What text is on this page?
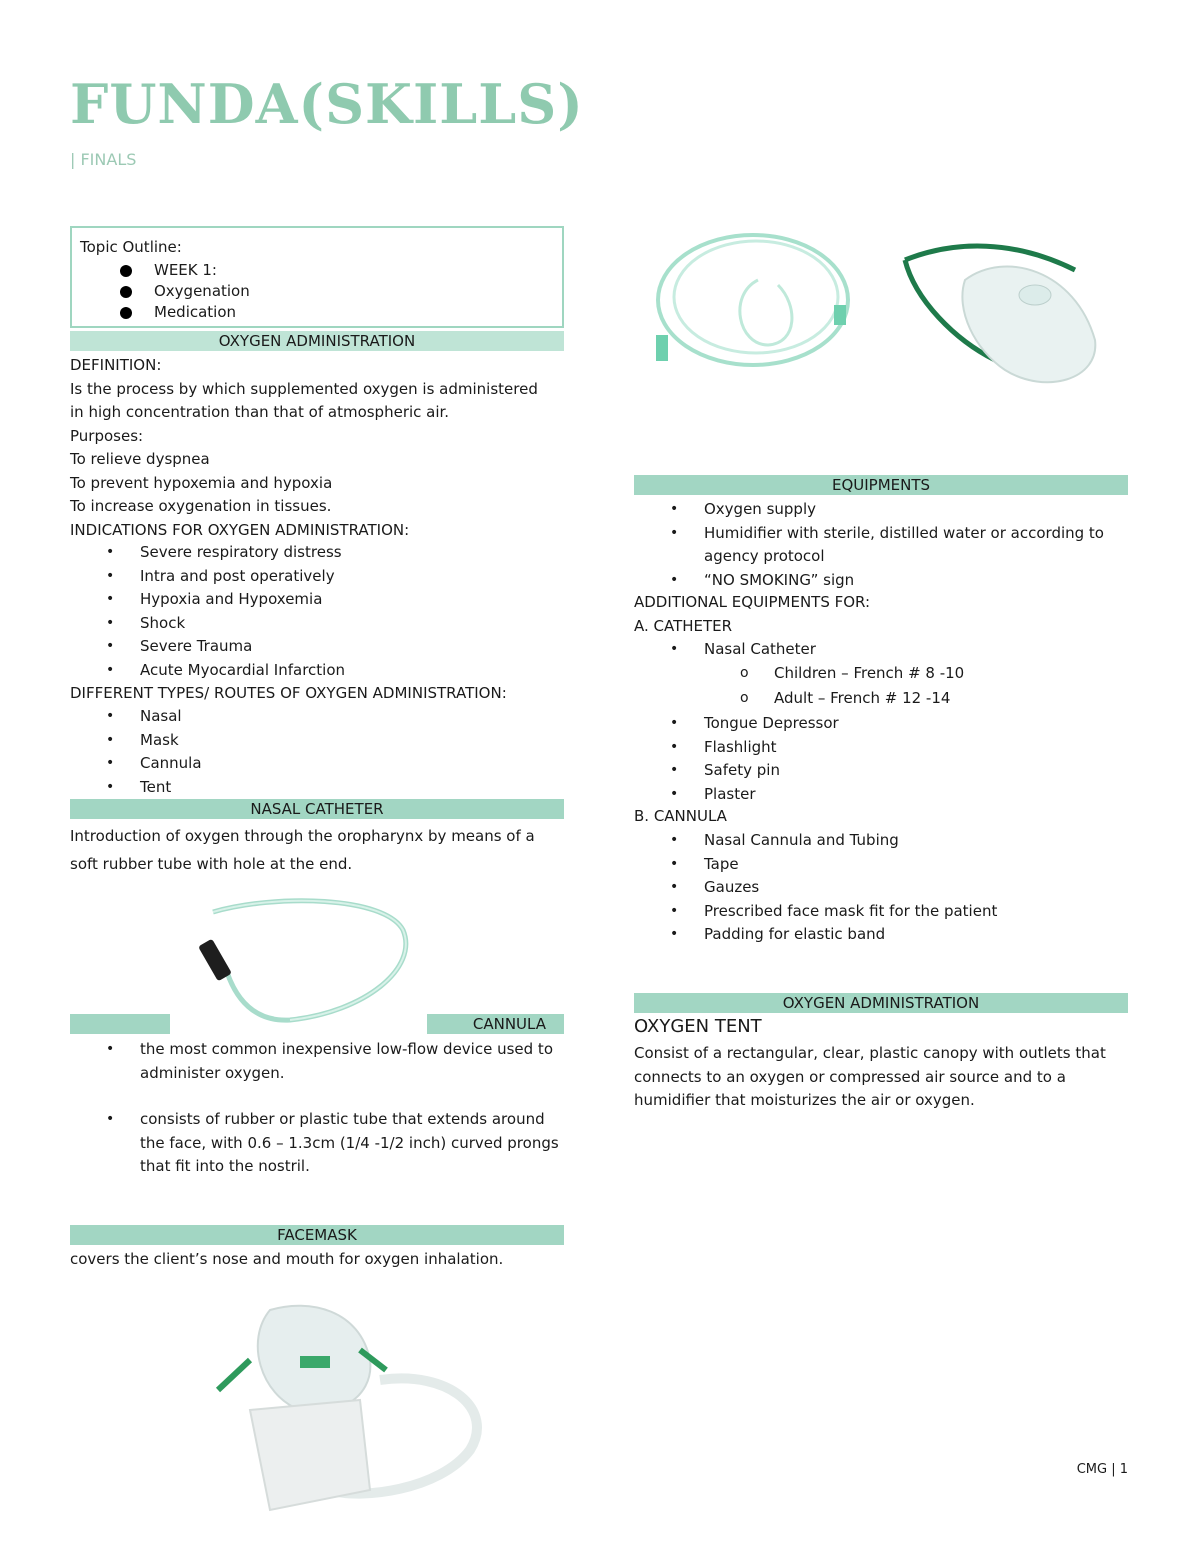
FUNDA(SKILLS)
| FINALS
Topic Outline:
WEEK 1:
Oxygenation
Medication
OXYGEN ADMINISTRATION
DEFINITION:
Is the process by which supplemented oxygen is administered
in high concentration than that of atmospheric air.
Purposes:
To relieve dyspnea
To prevent hypoxemia and hypoxia
To increase oxygenation in tissues.
INDICATIONS FOR OXYGEN ADMINISTRATION:
• Severe respiratory distress
• Intra and post operatively
• Hypoxia and Hypoxemia
• Shock
• Severe Trauma
• Acute Myocardial Infarction
DIFFERENT TYPES/ ROUTES OF OXYGEN ADMINISTRATION:
• Nasal
• Mask
• Cannula
• Tent
NASAL CATHETER
Introduction of oxygen through the oropharynx by means of a
soft rubber tube with hole at the end.
CANNULA
• the most common inexpensive low-flow device used to administer oxygen.
• consists of rubber or plastic tube that extends around the face, with 0.6 – 1.3cm (1/4 -1/2 inch) curved prongs that fit into the nostril.
FACEMASK
covers the client’s nose and mouth for oxygen inhalation.
EQUIPMENTS
• Oxygen supply
• Humidifier with sterile, distilled water or according to agency protocol
• “NO SMOKING” sign
ADDITIONAL EQUIPMENTS FOR:
A. CATHETER
• Nasal Catheter
o Children – French # 8 -10
o Adult – French # 12 -14
• Tongue Depressor
• Flashlight
• Safety pin
• Plaster
B. CANNULA
• Nasal Cannula and Tubing
• Tape
• Gauzes
• Prescribed face mask fit for the patient
• Padding for elastic band
OXYGEN ADMINISTRATION
OXYGEN TENT
Consist of a rectangular, clear, plastic canopy with outlets that connects to an oxygen or compressed air source and to a humidifier that moisturizes the air or oxygen.
CMG | 1
